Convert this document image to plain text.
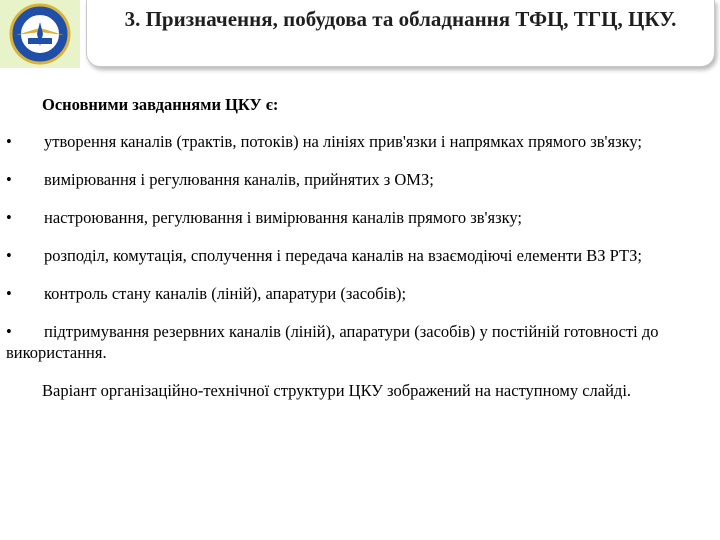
3. Призначення, побудова та обладнання ТФЦ, ТГЦ, ЦКУ.

Основними завданнями ЦКУ є:

• утворення каналів (трактів, потоків) на лініях прив'язки і напрямках прямого зв'язку;

• вимірювання і регулювання каналів, прийнятих з ОМЗ;

• настроювання, регулювання і вимірювання каналів прямого зв'язку;

• розподіл, комутація, сполучення і передача каналів на взаємодіючі елементи ВЗ РТЗ;

• контроль стану каналів (ліній), апаратури (засобів);

• підтримування резервних каналів (ліній), апаратури (засобів) у постійній готовності до використання.

Варіант організаційно-технічної структури ЦКУ зображений на наступному слайді.
